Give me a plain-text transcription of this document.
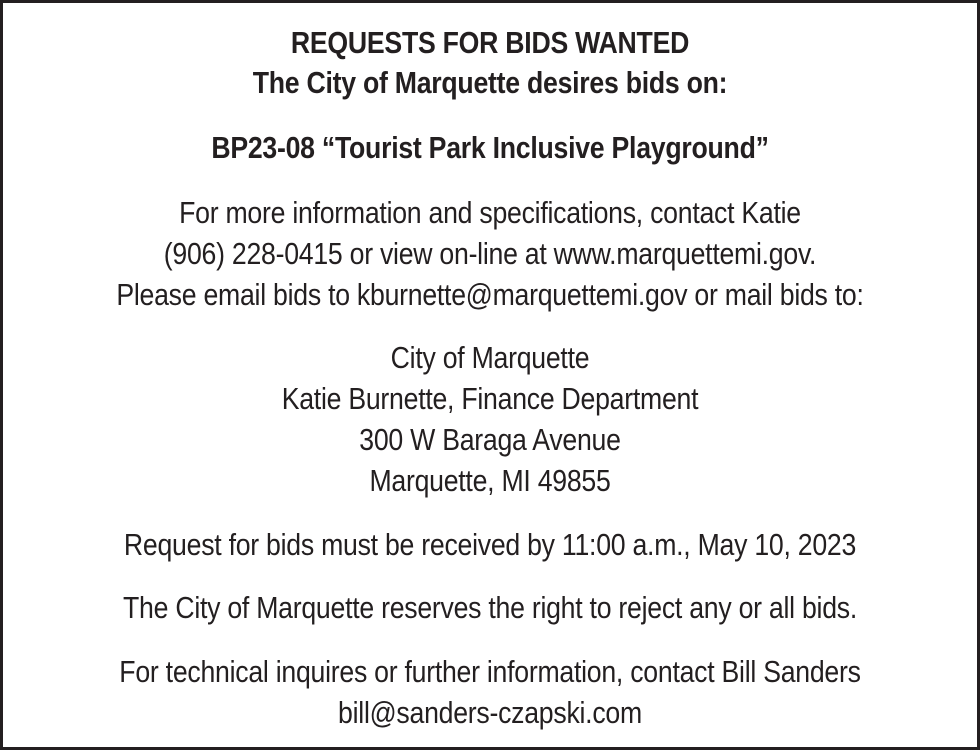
REQUESTS FOR BIDS WANTED
The City of Marquette desires bids on:
BP23-08 “Tourist Park Inclusive Playground”
For more information and specifications, contact Katie
(906) 228-0415 or view on-line at www.marquettemi.gov.
Please email bids to kburnette@marquettemi.gov or mail bids to:
City of Marquette
Katie Burnette, Finance Department
300 W Baraga Avenue
Marquette, MI 49855
Request for bids must be received by 11:00 a.m., May 10, 2023
The City of Marquette reserves the right to reject any or all bids.
For technical inquires or further information, contact Bill Sanders
bill@sanders-czapski.com
